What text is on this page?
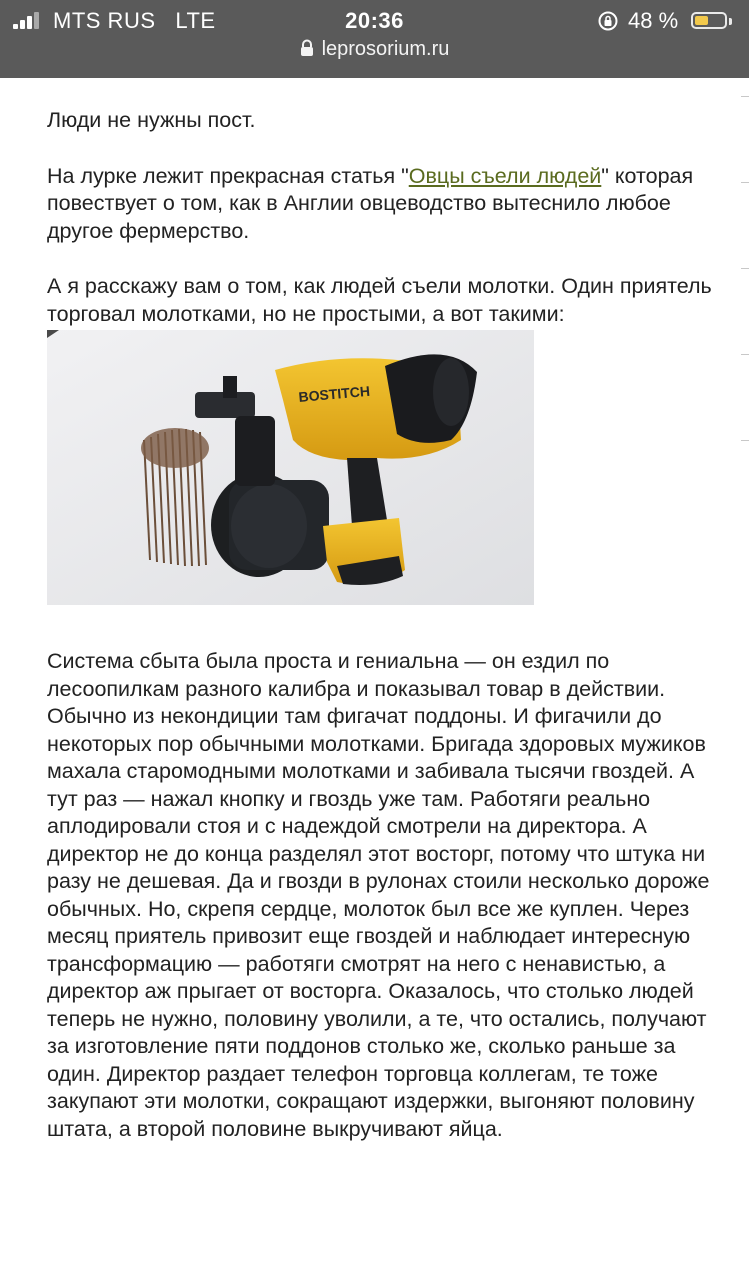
MTS RUS   LTE	20:36	48 %
leprosorium.ru

Люди не нужны пост.

На лурке лежит прекрасная статья "Овцы съели людей" которая повествует о том, как в Англии овцеводство вытеснило любое другое фермерство.

А я расскажу вам о том, как людей съели молотки. Один приятель торговал молотками, но не простыми, а вот такими:

BOSTITCH

Система сбыта была проста и гениальна — он ездил по лесоопилкам разного калибра и показывал товар в действии. Обычно из некондиции там фигачат поддоны. И фигачили до некоторых пор обычными молотками. Бригада здоровых мужиков махала старомодными молотками и забивала тысячи гвоздей. А тут раз — нажал кнопку и гвоздь уже там. Работяги реально аплодировали стоя и с надеждой смотрели на директора. А директор не до конца разделял этот восторг, потому что штука ни разу не дешевая. Да и гвозди в рулонах стоили несколько дороже обычных. Но, скрепя сердце, молоток был все же куплен. Через месяц приятель привозит еще гвоздей и наблюдает интересную трансформацию — работяги смотрят на него с ненавистью, а директор аж прыгает от восторга. Оказалось, что столько людей теперь не нужно, половину уволили, а те, что остались, получают за изготовление пяти поддонов столько же, сколько раньше за один. Директор раздает телефон торговца коллегам, те тоже закупают эти молотки, сокращают издержки, выгоняют половину штата, а второй половине выкручивают яйца.
